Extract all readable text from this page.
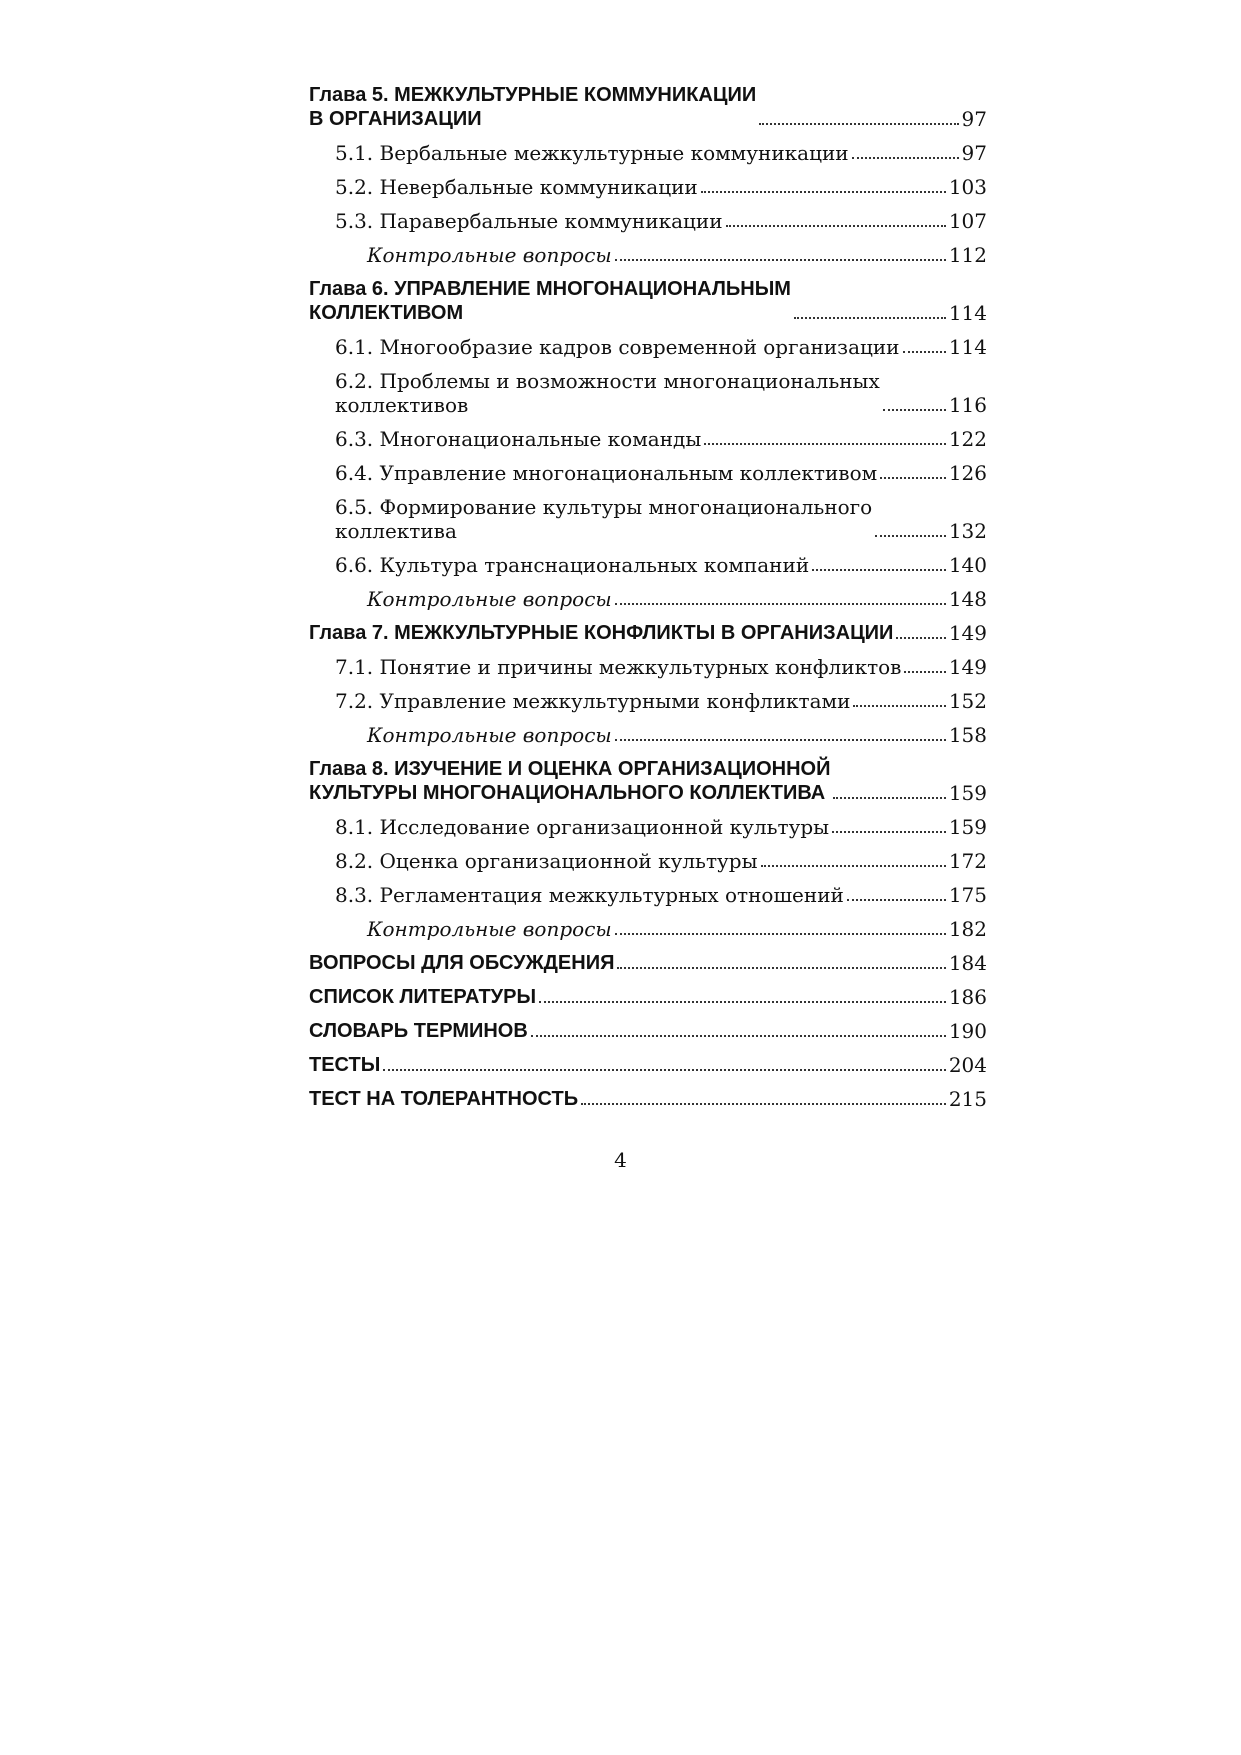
Глава 5. МЕЖКУЛЬТУРНЫЕ КОММУНИКАЦИИ
В ОРГАНИЗАЦИИ	97
5.1. Вербальные межкультурные коммуникации	97
5.2. Невербальные коммуникации	103
5.3. Паравербальные коммуникации	107
Контрольные вопросы	112
Глава 6. УПРАВЛЕНИЕ МНОГОНАЦИОНАЛЬНЫМ
КОЛЛЕКТИВОМ	114
6.1. Многообразие кадров современной организации 114
6.2. Проблемы и возможности многонациональных
коллективов	116
6.3. Многонациональные команды	122
6.4. Управление многонациональным коллективом	126
6.5. Формирование культуры многонационального
коллектива	132
6.6. Культура транснациональных компаний	140
Контрольные вопросы	148
Глава 7. МЕЖКУЛЬТУРНЫЕ КОНФЛИКТЫ В ОРГАНИЗАЦИИ	149
7.1. Понятие и причины межкультурных конфликтов 149
7.2. Управление межкультурными конфликтами	152
Контрольные вопросы	158
Глава 8. ИЗУЧЕНИЕ И ОЦЕНКА ОРГАНИЗАЦИОННОЙ
КУЛЬТУРЫ МНОГОНАЦИОНАЛЬНОГО КОЛЛЕКТИВА	159
8.1. Исследование организационной культуры	159
8.2. Оценка организационной культуры	172
8.3. Регламентация межкультурных отношений	175
Контрольные вопросы	182
ВОПРОСЫ ДЛЯ ОБСУЖДЕНИЯ	184
СПИСОК ЛИТЕРАТУРЫ	186
СЛОВАРЬ ТЕРМИНОВ	190
ТЕСТЫ	204
ТЕСТ НА ТОЛЕРАНТНОСТЬ	215
4
